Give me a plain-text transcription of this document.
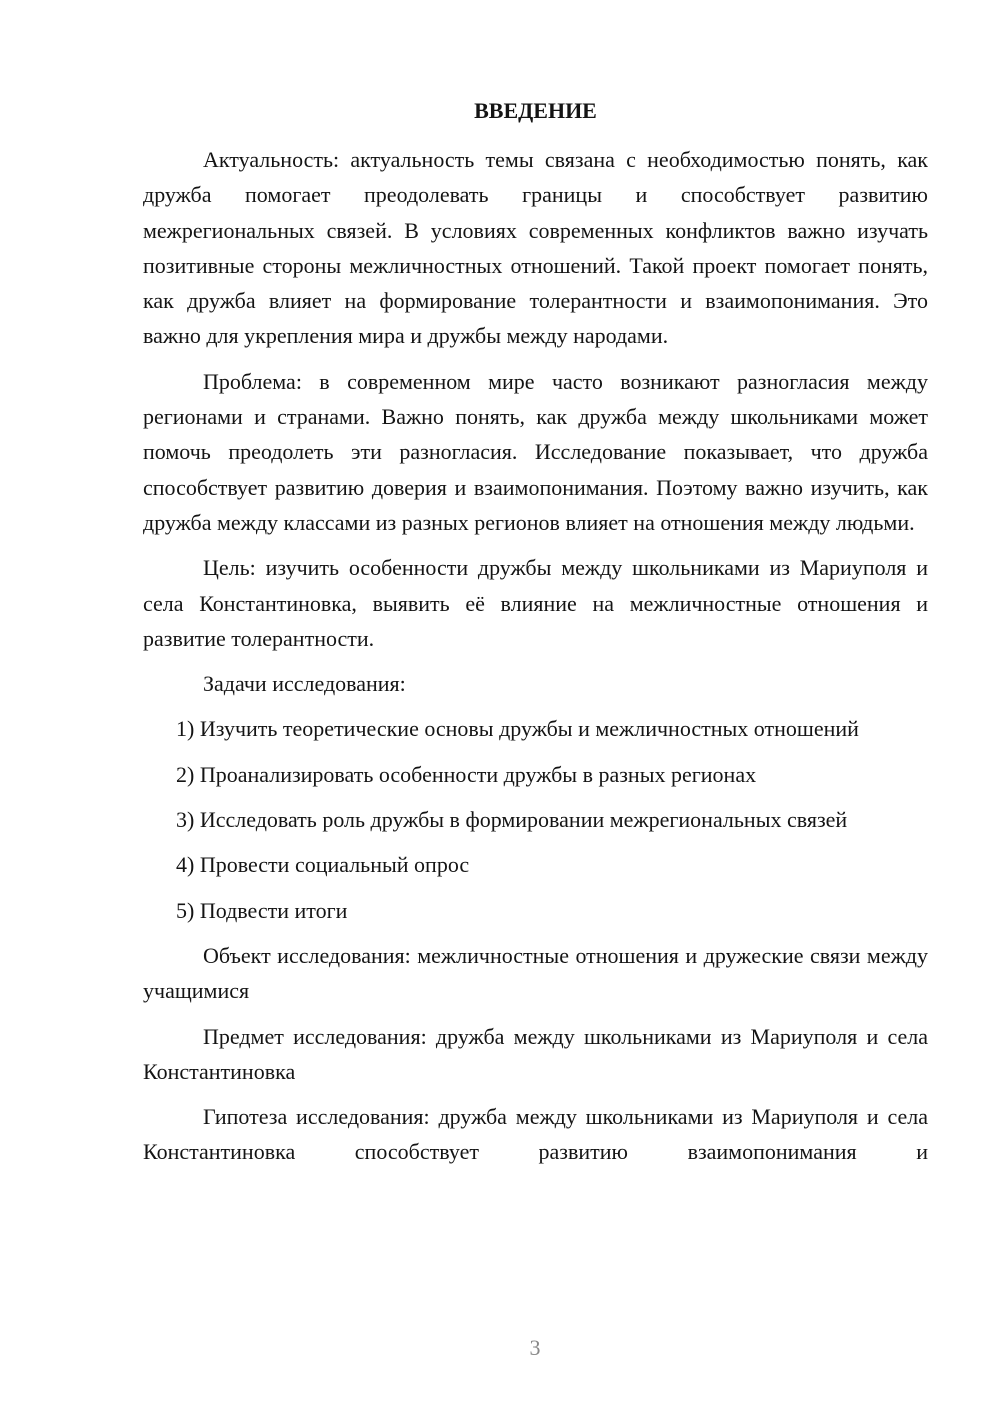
ВВЕДЕНИЕ

Актуальность: актуальность темы связана с необходимостью понять, как дружба помогает преодолевать границы и способствует развитию межрегиональных связей. В условиях современных конфликтов важно изучать позитивные стороны межличностных отношений. Такой проект помогает понять, как дружба влияет на формирование толерантности и взаимопонимания. Это важно для укрепления мира и дружбы между народами.

Проблема: в современном мире часто возникают разногласия между регионами и странами. Важно понять, как дружба между школьниками может помочь преодолеть эти разногласия. Исследование показывает, что дружба способствует развитию доверия и взаимопонимания. Поэтому важно изучить, как дружба между классами из разных регионов влияет на отношения между людьми.

Цель: изучить особенности дружбы между школьниками из Мариуполя и села Константиновка, выявить её влияние на межличностные отношения и развитие толерантности.

Задачи исследования:

1) Изучить теоретические основы дружбы и межличностных отношений

2) Проанализировать особенности дружбы в разных регионах

3) Исследовать роль дружбы в формировании межрегиональных связей

4) Провести социальный опрос

5) Подвести итоги

Объект исследования: межличностные отношения и дружеские связи между учащимися

Предмет исследования: дружба между школьниками из Мариуполя и села Константиновка

Гипотеза исследования: дружба между школьниками из Мариуполя и села Константиновка способствует развитию взаимопонимания и

3
